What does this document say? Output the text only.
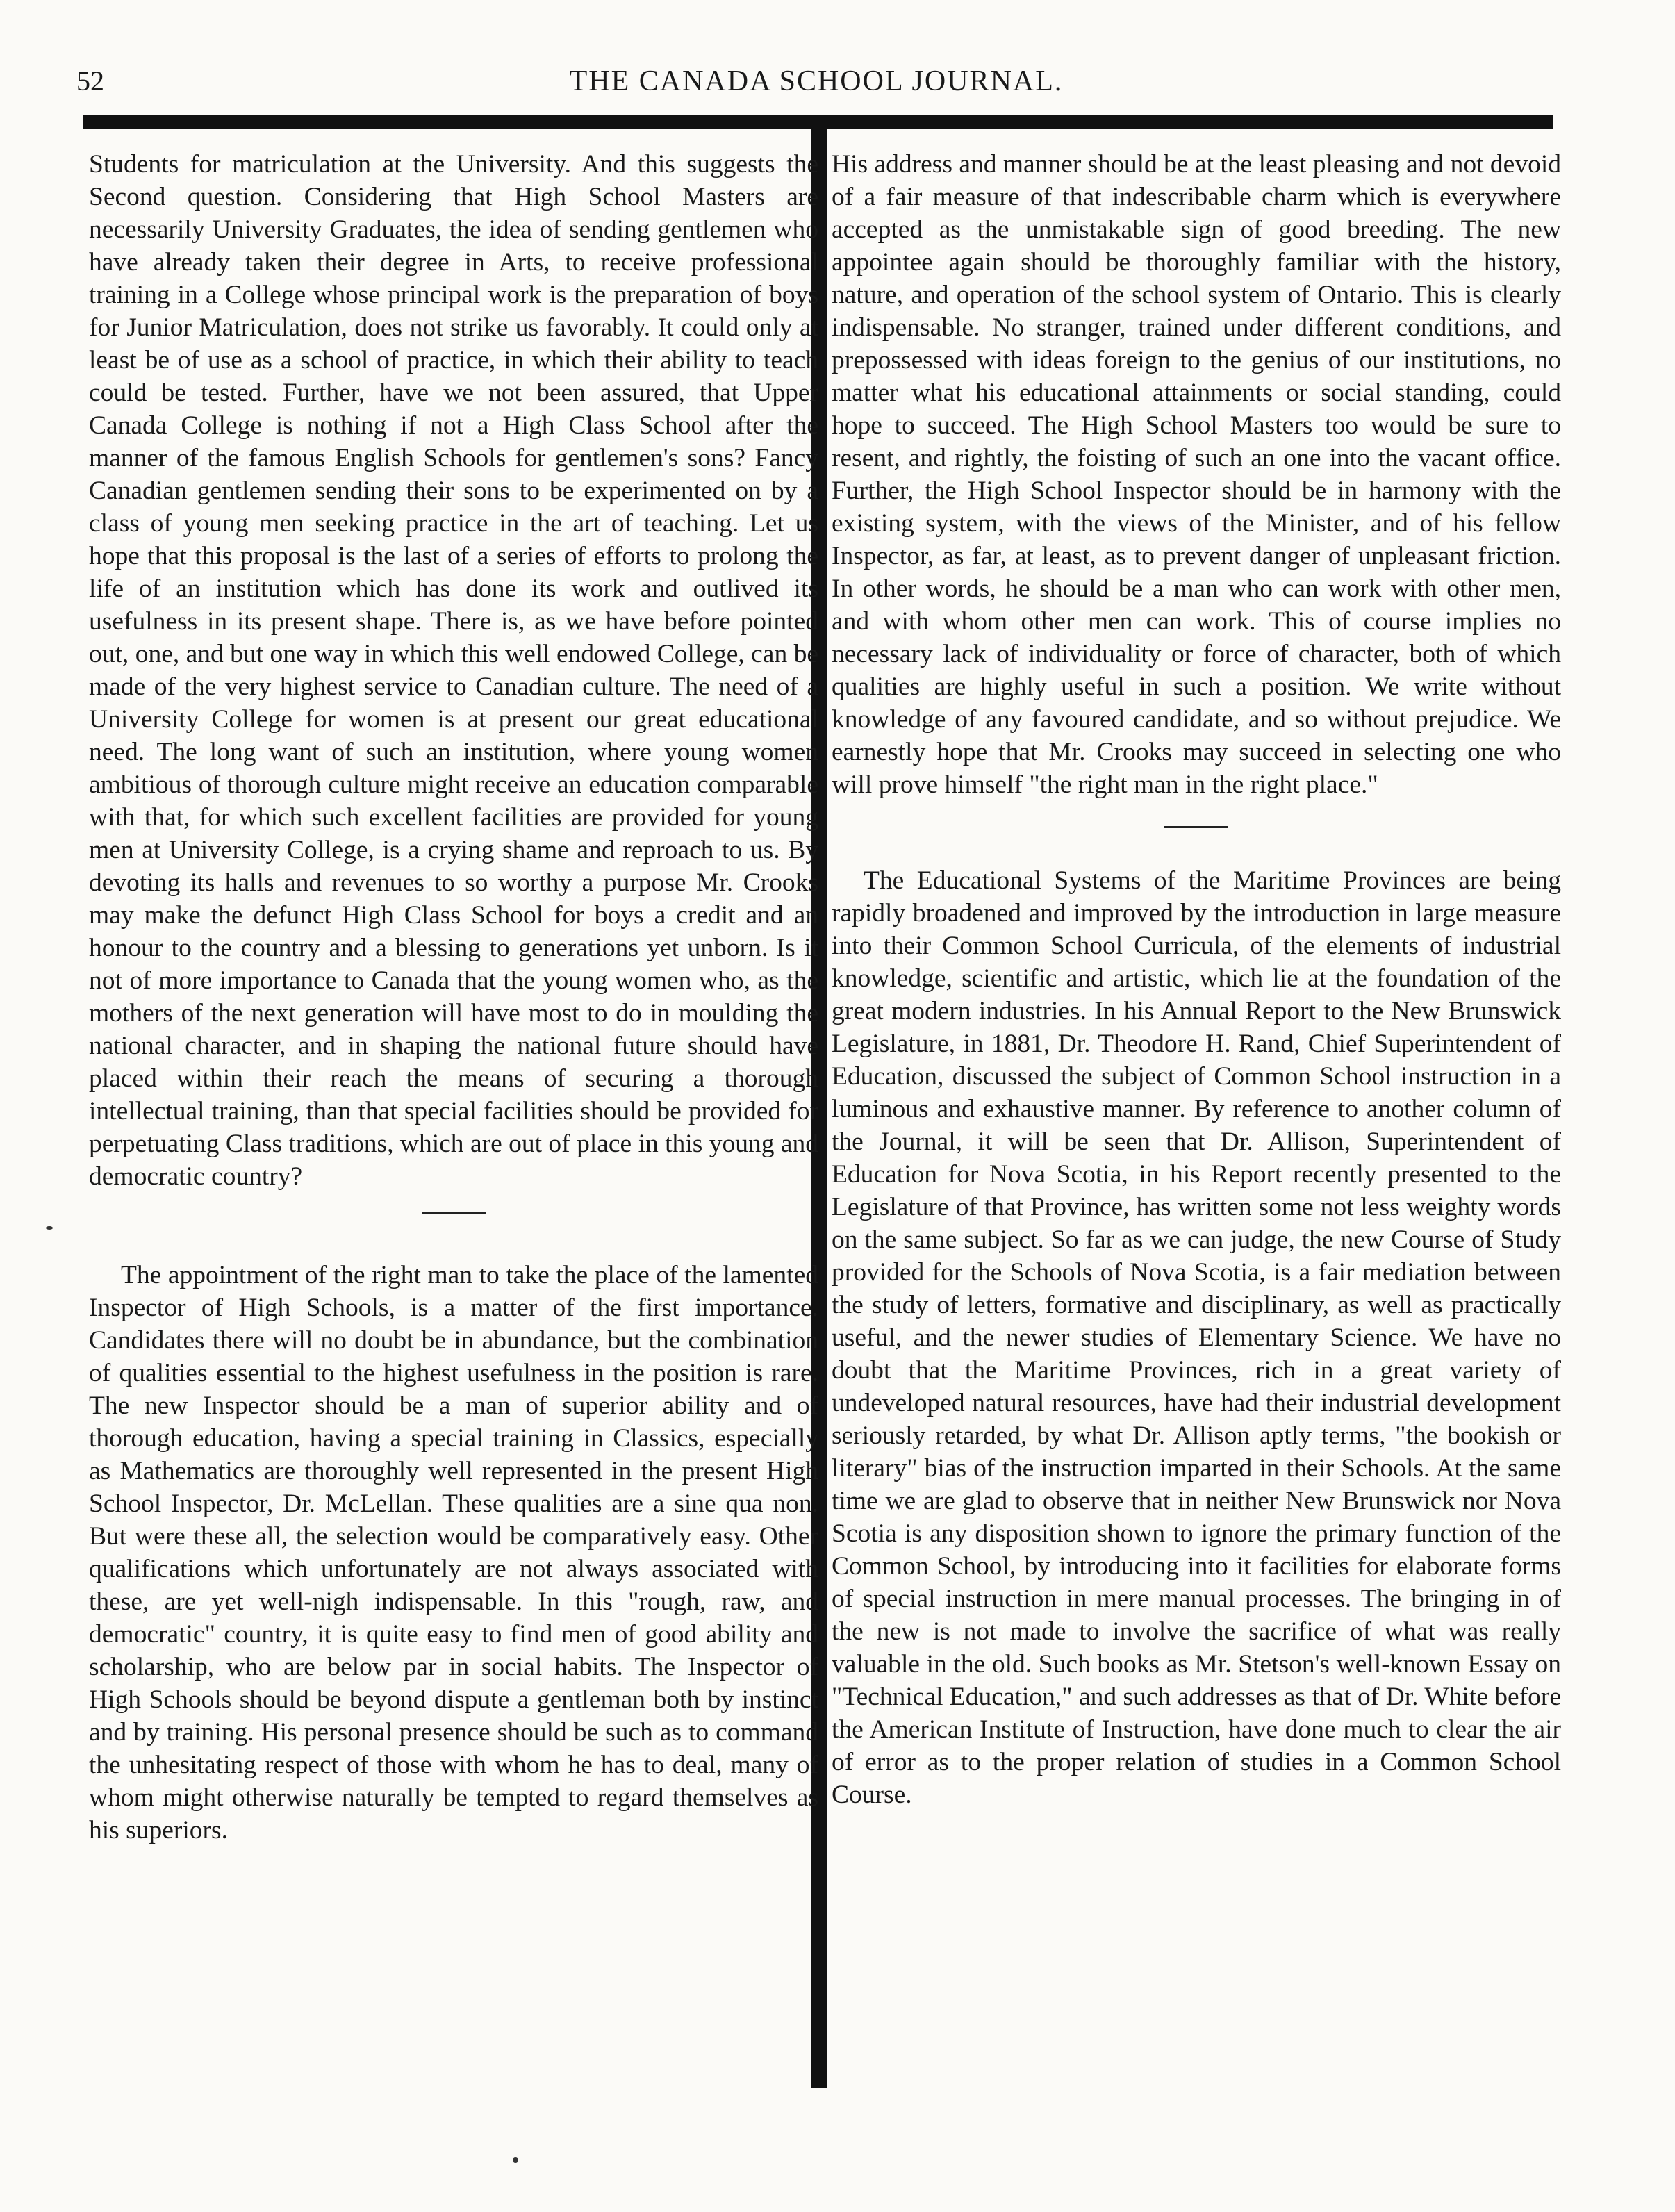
52	THE CANADA SCHOOL JOURNAL.

Students for matriculation at the University. And this suggests the Second question. Considering that High School Masters are necessarily University Graduates, the idea of sending gentlemen who have already taken their degree in Arts, to receive professional training in a College whose principal work is the preparation of boys for Junior Matriculation, does not strike us favorably. It could only at least be of use as a school of practice, in which their ability to teach could be tested. Further, have we not been assured, that Upper Canada College is nothing if not a High Class School after the manner of the famous English Schools for gentlemen's sons? Fancy Canadian gentlemen sending their sons to be experimented on by a class of young men seeking practice in the art of teaching. Let us hope that this proposal is the last of a series of efforts to prolong the life of an institution which has done its work and outlived its usefulness in its present shape. There is, as we have before pointed out, one, and but one way in which this well endowed College, can be made of the very highest service to Canadian culture. The need of a University College for women is at present our great educational need. The long want of such an institution, where young women ambitious of thorough culture might receive an education comparable with that, for which such excellent facilities are provided for young men at University College, is a crying shame and reproach to us. By devoting its halls and revenues to so worthy a purpose Mr. Crooks may make the defunct High Class School for boys a credit and an honour to the country and a blessing to generations yet unborn. Is it not of more importance to Canada that the young women who, as the mothers of the next generation will have most to do in moulding the national character, and in shaping the national future should have placed within their reach the means of securing a thorough intellectual training, than that special facilities should be provided for perpetuating Class traditions, which are out of place in this young and democratic country?

The appointment of the right man to take the place of the lamented Inspector of High Schools, is a matter of the first importance. Candidates there will no doubt be in abundance, but the combination of qualities essential to the highest usefulness in the position is rare. The new Inspector should be a man of superior ability and of thorough education, having a special training in Classics, especially as Mathematics are thoroughly well represented in the present High School Inspector, Dr. McLellan. These qualities are a sine qua non. But were these all, the selection would be comparatively easy. Other qualifications which unfortunately are not always associated with these, are yet well-nigh indispensable. In this "rough, raw, and democratic" country, it is quite easy to find men of good ability and scholarship, who are below par in social habits. The Inspector of High Schools should be beyond dispute a gentleman both by instinct and by training. His personal presence should be such as to command the unhesitating respect of those with whom he has to deal, many of whom might otherwise naturally be tempted to regard themselves as his superiors.

His address and manner should be at the least pleasing and not devoid of a fair measure of that indescribable charm which is everywhere accepted as the unmistakable sign of good breeding. The new appointee again should be thoroughly familiar with the history, nature, and operation of the school system of Ontario. This is clearly indispensable. No stranger, trained under different conditions, and prepossessed with ideas foreign to the genius of our institutions, no matter what his educational attainments or social standing, could hope to succeed. The High School Masters too would be sure to resent, and rightly, the foisting of such an one into the vacant office. Further, the High School Inspector should be in harmony with the existing system, with the views of the Minister, and of his fellow Inspector, as far, at least, as to prevent danger of unpleasant friction. In other words, he should be a man who can work with other men, and with whom other men can work. This of course implies no necessary lack of individuality or force of character, both of which qualities are highly useful in such a position. We write without knowledge of any favoured candidate, and so without prejudice. We earnestly hope that Mr. Crooks may succeed in selecting one who will prove himself "the right man in the right place."

The Educational Systems of the Maritime Provinces are being rapidly broadened and improved by the introduction in large measure into their Common School Curricula, of the elements of industrial knowledge, scientific and artistic, which lie at the foundation of the great modern industries. In his Annual Report to the New Brunswick Legislature, in 1881, Dr. Theodore H. Rand, Chief Superintendent of Education, discussed the subject of Common School instruction in a luminous and exhaustive manner. By reference to another column of the Journal, it will be seen that Dr. Allison, Superintendent of Education for Nova Scotia, in his Report recently presented to the Legislature of that Province, has written some not less weighty words on the same subject. So far as we can judge, the new Course of Study provided for the Schools of Nova Scotia, is a fair mediation between the study of letters, formative and disciplinary, as well as practically useful, and the newer studies of Elementary Science. We have no doubt that the Maritime Provinces, rich in a great variety of undeveloped natural resources, have had their industrial development seriously retarded, by what Dr. Allison aptly terms, "the bookish or literary" bias of the instruction imparted in their Schools. At the same time we are glad to observe that in neither New Brunswick nor Nova Scotia is any disposition shown to ignore the primary function of the Common School, by introducing into it facilities for elaborate forms of special instruction in mere manual processes. The bringing in of the new is not made to involve the sacrifice of what was really valuable in the old. Such books as Mr. Stetson's well-known Essay on "Technical Education," and such addresses as that of Dr. White before the American Institute of Instruction, have done much to clear the air of error as to the proper relation of studies in a Common School Course.
